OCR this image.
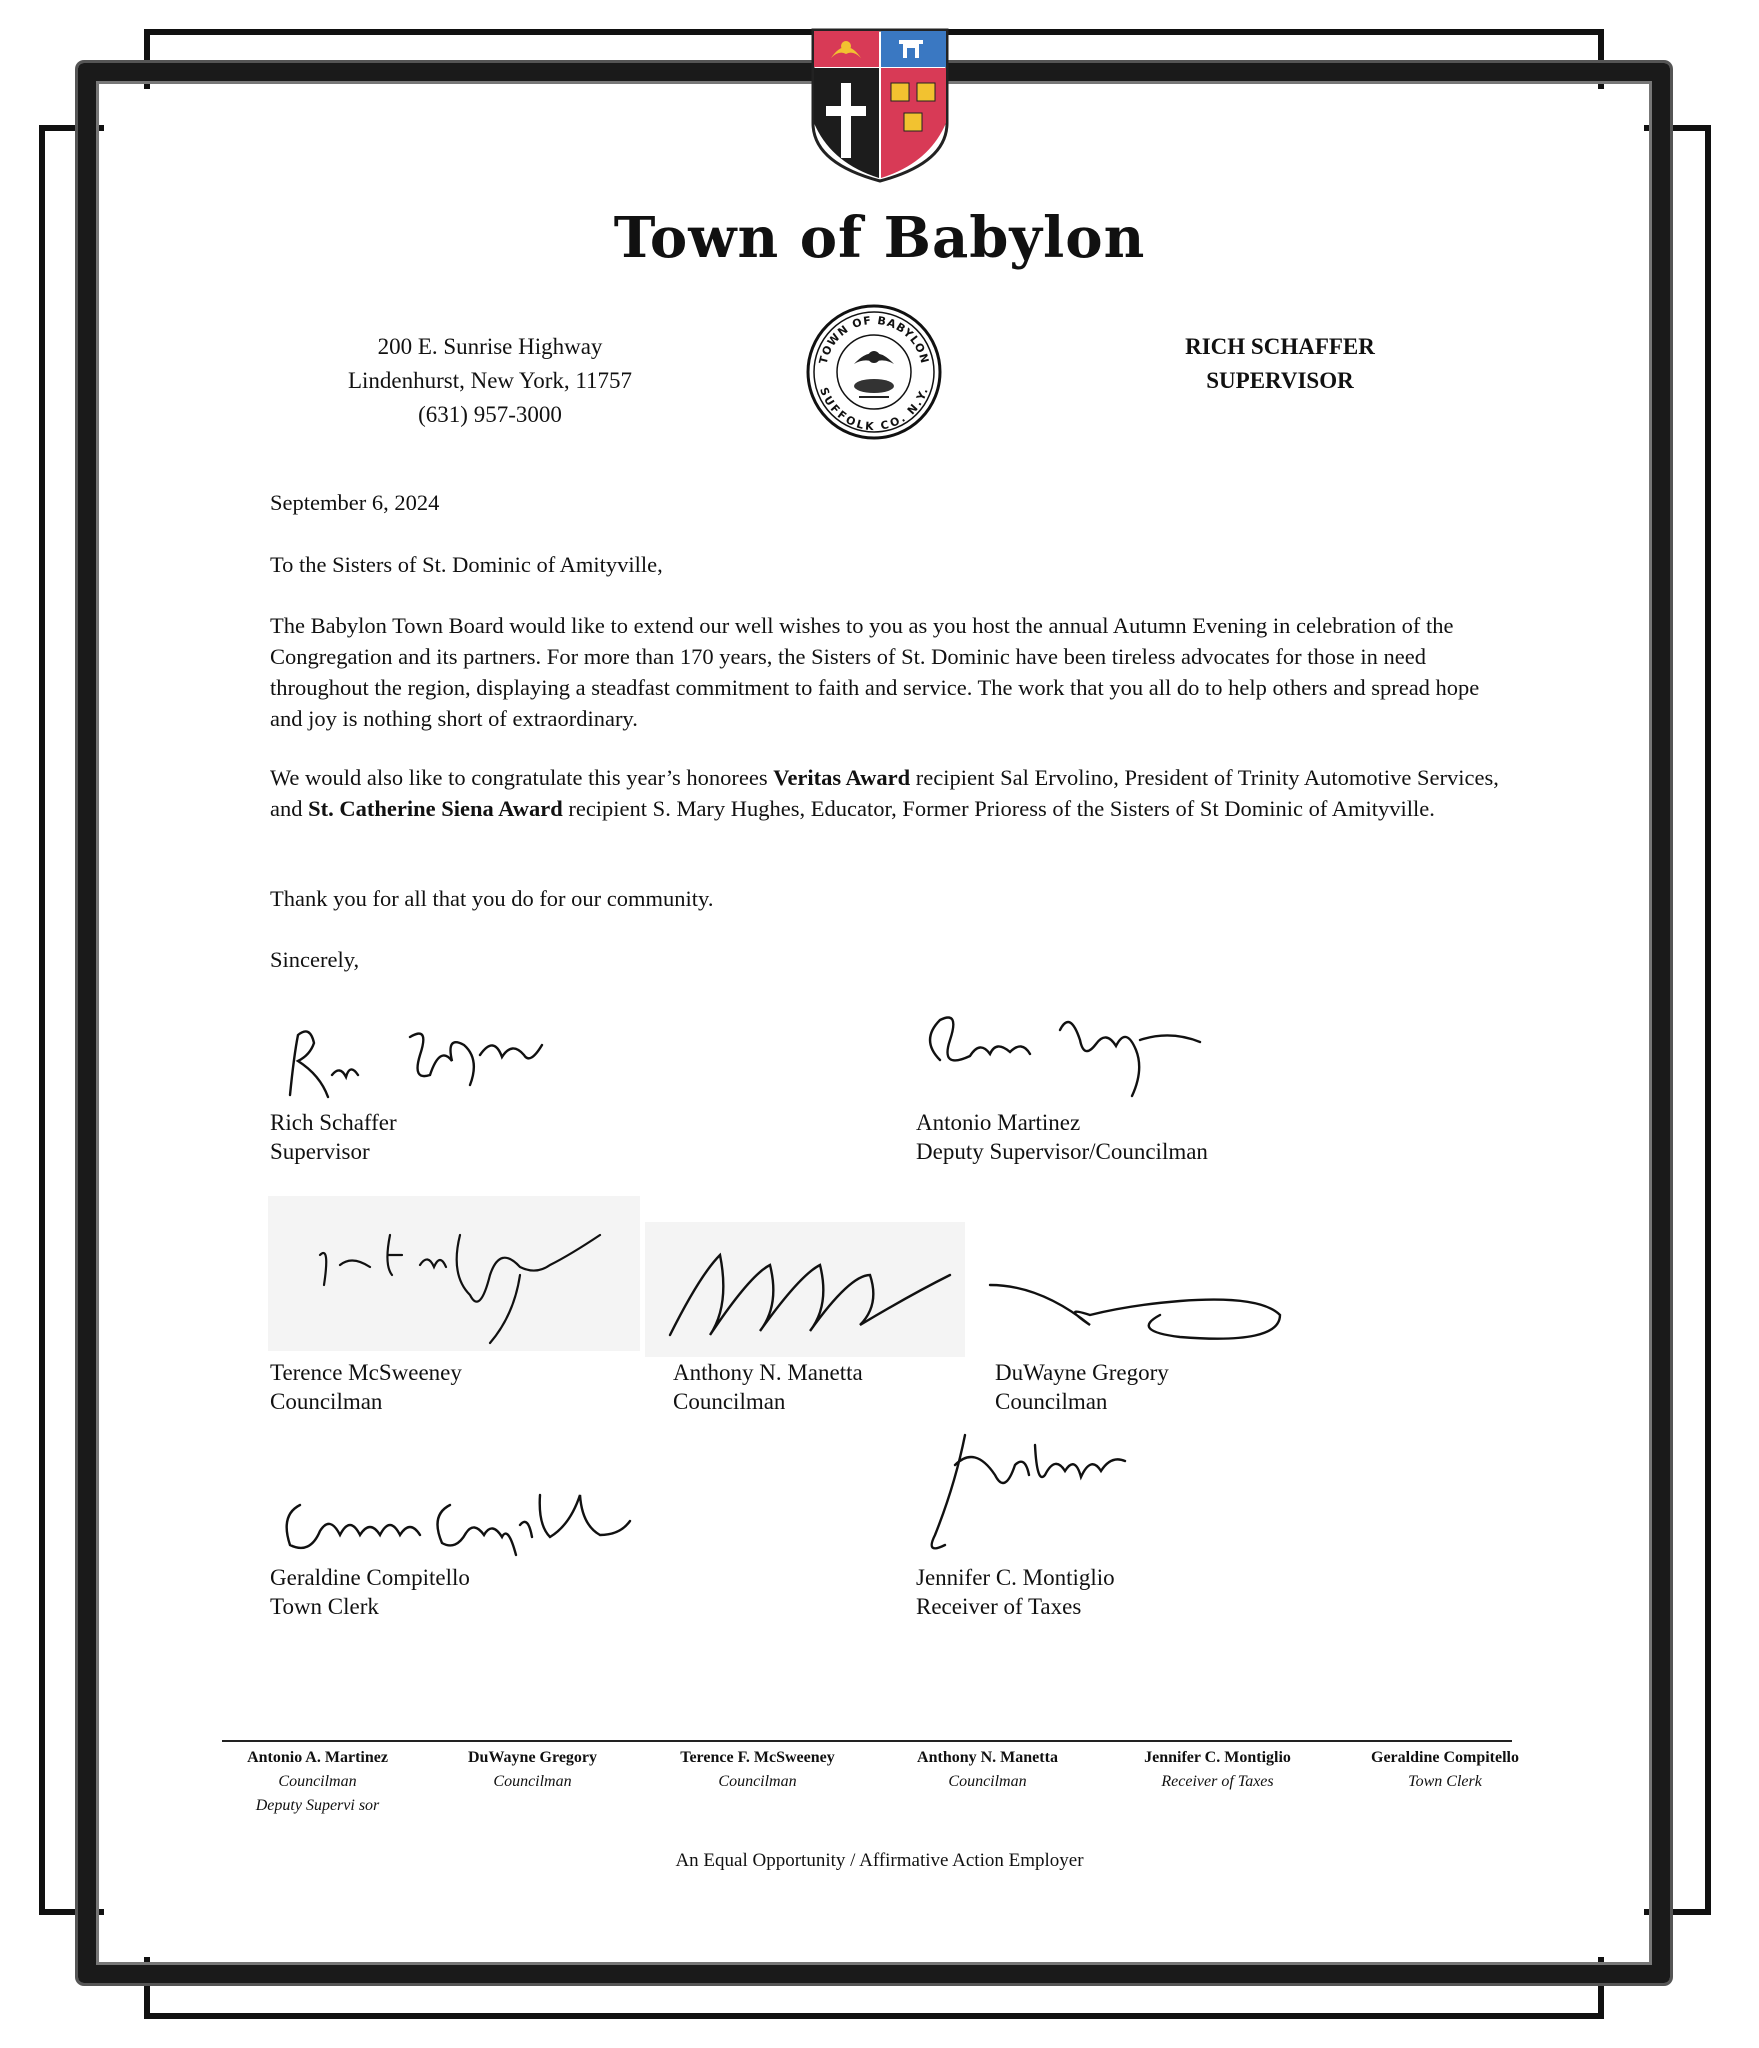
Town of Babylon
200 E. Sunrise Highway
Lindenhurst, New York, 11757
(631) 957-3000
TOWN OF BABYLON
SUFFOLK CO. N.Y.
RICH SCHAFFER
SUPERVISOR
September 6, 2024
To the Sisters of St. Dominic of Amityville,
The Babylon Town Board would like to extend our well wishes to you as you host the annual Autumn Evening in celebration of the Congregation and its partners. For more than 170 years, the Sisters of St. Dominic have been tireless advocates for those in need throughout the region, displaying a steadfast commitment to faith and service. The work that you all do to help others and spread hope and joy is nothing short of extraordinary.
We would also like to congratulate this year’s honorees Veritas Award recipient Sal Ervolino, President of Trinity Automotive Services, and St. Catherine Siena Award recipient S. Mary Hughes, Educator, Former Prioress of the Sisters of St Dominic of Amityville.
Thank you for all that you do for our community.
Sincerely,
Rich Schaffer
Supervisor
Antonio Martinez
Deputy Supervisor/Councilman
Terence McSweeney
Councilman
Anthony N. Manetta
Councilman
DuWayne Gregory
Councilman
Geraldine Compitello
Town Clerk
Jennifer C. Montiglio
Receiver of Taxes
Antonio A. Martinez
Councilman
Deputy Supervi sor
DuWayne Gregory
Councilman
Terence F. McSweeney
Councilman
Anthony N. Manetta
Councilman
Jennifer C. Montiglio
Receiver of Taxes
Geraldine Compitello
Town Clerk
An Equal Opportunity / Affirmative Action Employer
